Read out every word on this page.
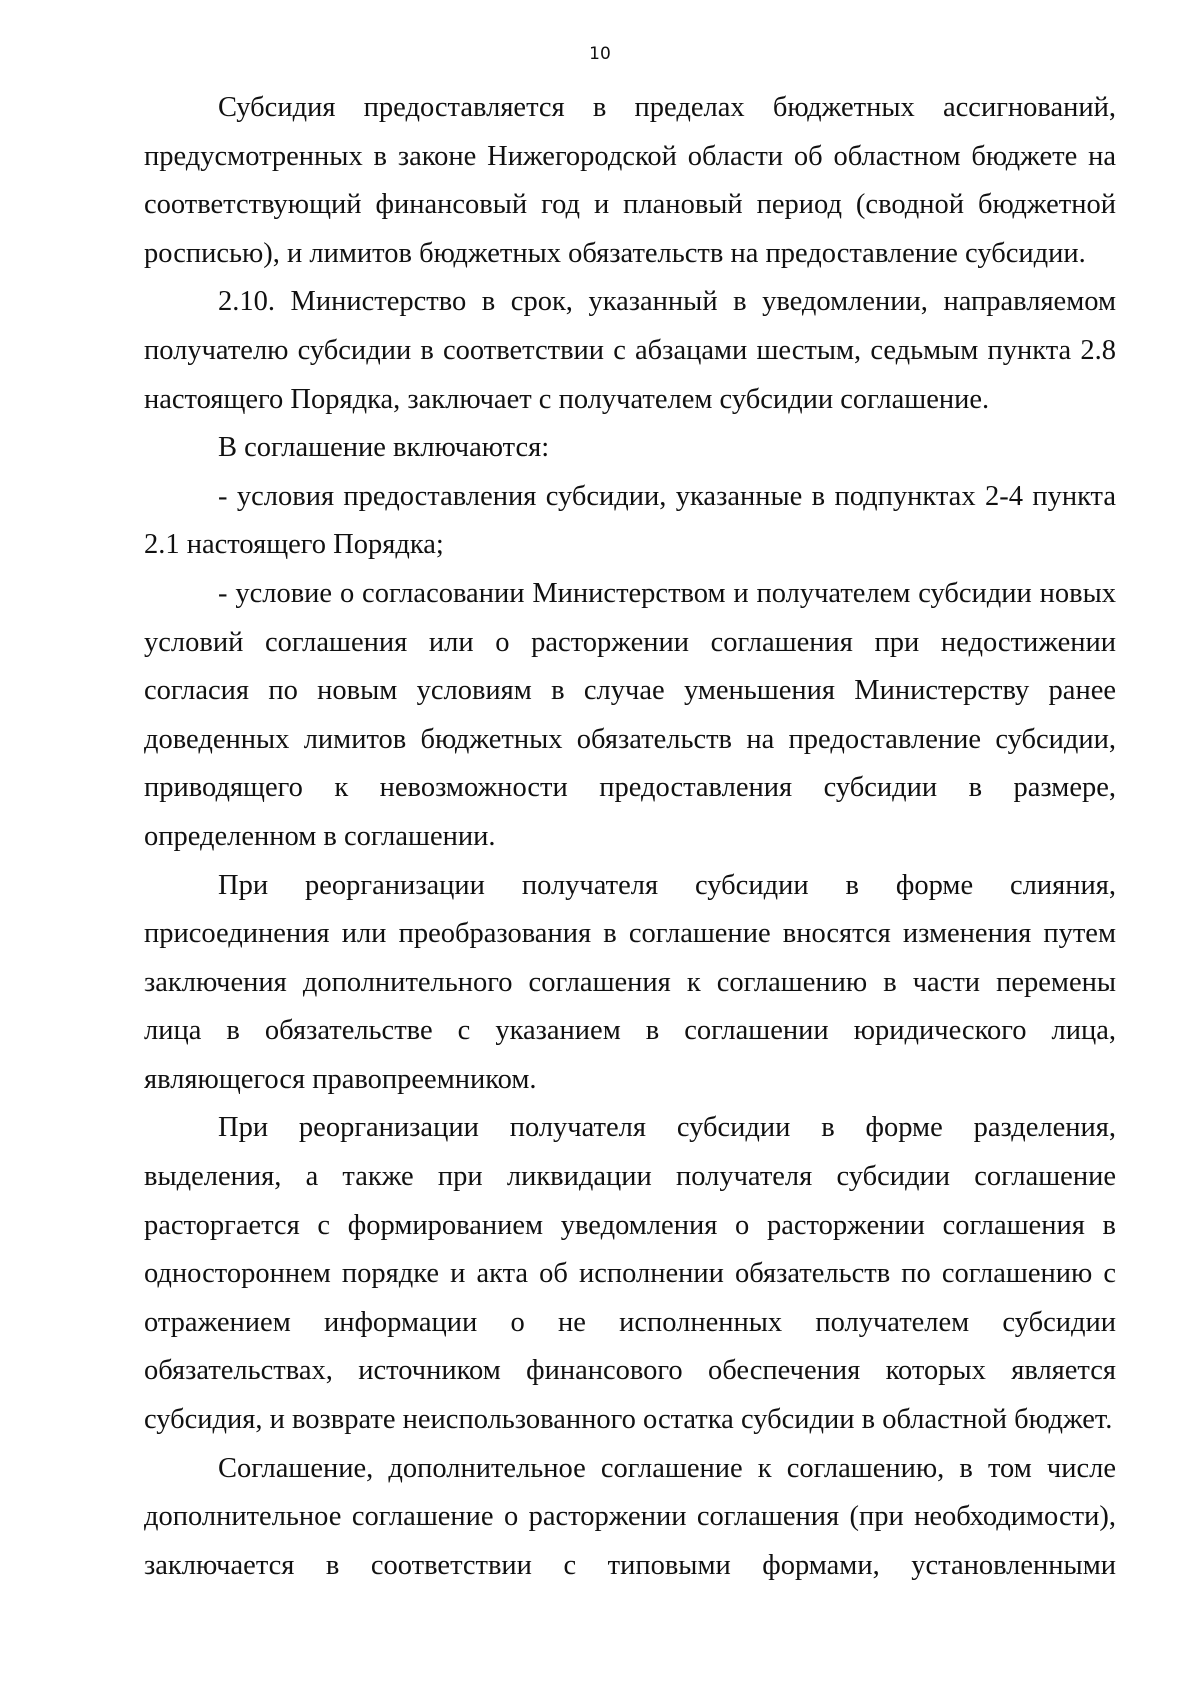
10

Субсидия предоставляется в пределах бюджетных ассигнований, предусмотренных в законе Нижегородской области об областном бюджете на соответствующий финансовый год и плановый период (сводной бюджетной росписью), и лимитов бюджетных обязательств на предоставление субсидии.

2.10. Министерство в срок, указанный в уведомлении, направляемом получателю субсидии в соответствии с абзацами шестым, седьмым пункта 2.8 настоящего Порядка, заключает с получателем субсидии соглашение.

В соглашение включаются:

- условия предоставления субсидии, указанные в подпунктах 2-4 пункта 2.1 настоящего Порядка;

- условие о согласовании Министерством и получателем субсидии новых условий соглашения или о расторжении соглашения при недостижении согласия по новым условиям в случае уменьшения Министерству ранее доведенных лимитов бюджетных обязательств на предоставление субсидии, приводящего к невозможности предоставления субсидии в размере, определенном в соглашении.

При реорганизации получателя субсидии в форме слияния, присоединения или преобразования в соглашение вносятся изменения путем заключения дополнительного соглашения к соглашению в части перемены лица в обязательстве с указанием в соглашении юридического лица, являющегося правопреемником.

При реорганизации получателя субсидии в форме разделения, выделения, а также при ликвидации получателя субсидии соглашение расторгается с формированием уведомления о расторжении соглашения в одностороннем порядке и акта об исполнении обязательств по соглашению с отражением информации о не исполненных получателем субсидии обязательствах, источником финансового обеспечения которых является субсидия, и возврате неиспользованного остатка субсидии в областной бюджет.

Соглашение, дополнительное соглашение к соглашению, в том числе дополнительное соглашение о расторжении соглашения (при необходимости), заключается в соответствии с типовыми формами, установленными
